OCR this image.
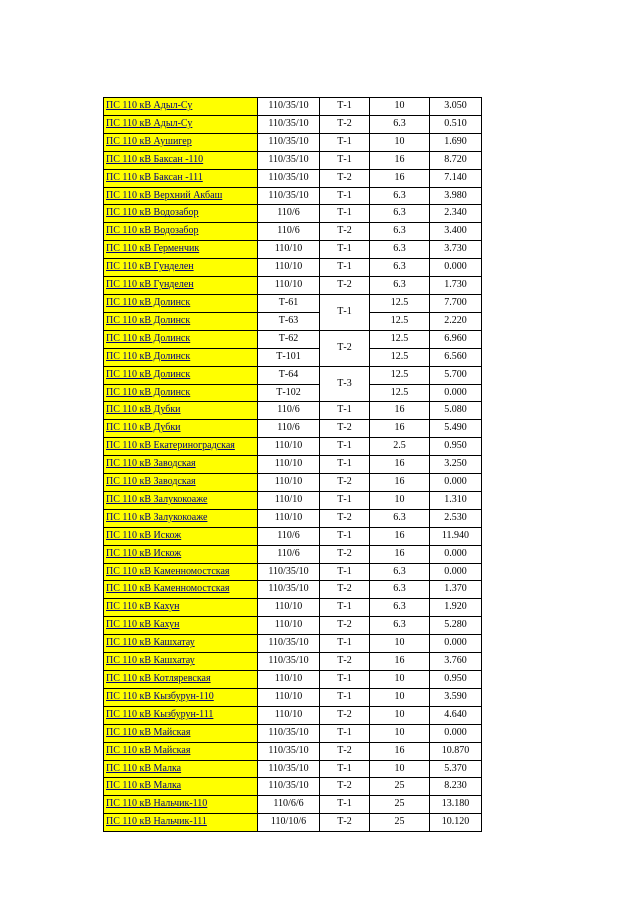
ПС 110 кВ Адыл-Су	110/35/10	Т-1	10	3.050
ПС 110 кВ Адыл-Су	110/35/10	Т-2	6.3	0.510
ПС 110 кВ Аушигер	110/35/10	Т-1	10	1.690
ПС 110 кВ Баксан -110	110/35/10	Т-1	16	8.720
ПС 110 кВ Баксан -111	110/35/10	Т-2	16	7.140
ПС 110 кВ Верхний Акбаш	110/35/10	Т-1	6.3	3.980
ПС 110 кВ Водозабор	110/6	Т-1	6.3	2.340
ПС 110 кВ Водозабор	110/6	Т-2	6.3	3.400
ПС 110 кВ Герменчик	110/10	Т-1	6.3	3.730
ПС 110 кВ Гунделен	110/10	Т-1	6.3	0.000
ПС 110 кВ Гунделен	110/10	Т-2	6.3	1.730
ПС 110 кВ Долинск	Т-61	Т-1	12.5	7.700
ПС 110 кВ Долинск	Т-63		12.5	2.220
ПС 110 кВ Долинск	Т-62	Т-2	12.5	6.960
ПС 110 кВ Долинск	Т-101		12.5	6.560
ПС 110 кВ Долинск	Т-64	Т-3	12.5	5.700
ПС 110 кВ Долинск	Т-102		12.5	0.000
ПС 110 кВ Дубки	110/6	Т-1	16	5.080
ПС 110 кВ Дубки	110/6	Т-2	16	5.490
ПС 110 кВ Екатериноградская	110/10	Т-1	2.5	0.950
ПС 110 кВ Заводская	110/10	Т-1	16	3.250
ПС 110 кВ Заводская	110/10	Т-2	16	0.000
ПС 110 кВ Залукокоаже	110/10	Т-1	10	1.310
ПС 110 кВ Залукокоаже	110/10	Т-2	6.3	2.530
ПС 110 кВ Искож	110/6	Т-1	16	11.940
ПС 110 кВ Искож	110/6	Т-2	16	0.000
ПС 110 кВ Каменномостская	110/35/10	Т-1	6.3	0.000
ПС 110 кВ Каменномостская	110/35/10	Т-2	6.3	1.370
ПС 110 кВ Кахун	110/10	Т-1	6.3	1.920
ПС 110 кВ Кахун	110/10	Т-2	6.3	5.280
ПС 110 кВ Кашхатау	110/35/10	Т-1	10	0.000
ПС 110 кВ Кашхатау	110/35/10	Т-2	16	3.760
ПС 110 кВ Котляревская	110/10	Т-1	10	0.950
ПС 110 кВ Кызбурун-110	110/10	Т-1	10	3.590
ПС 110 кВ Кызбурун-111	110/10	Т-2	10	4.640
ПС 110 кВ Майская	110/35/10	Т-1	10	0.000
ПС 110 кВ Майская	110/35/10	Т-2	16	10.870
ПС 110 кВ Малка	110/35/10	Т-1	10	5.370
ПС 110 кВ Малка	110/35/10	Т-2	25	8.230
ПС 110 кВ Нальчик-110	110/6/6	Т-1	25	13.180
ПС 110 кВ Нальчик-111	110/10/6	Т-2	25	10.120
